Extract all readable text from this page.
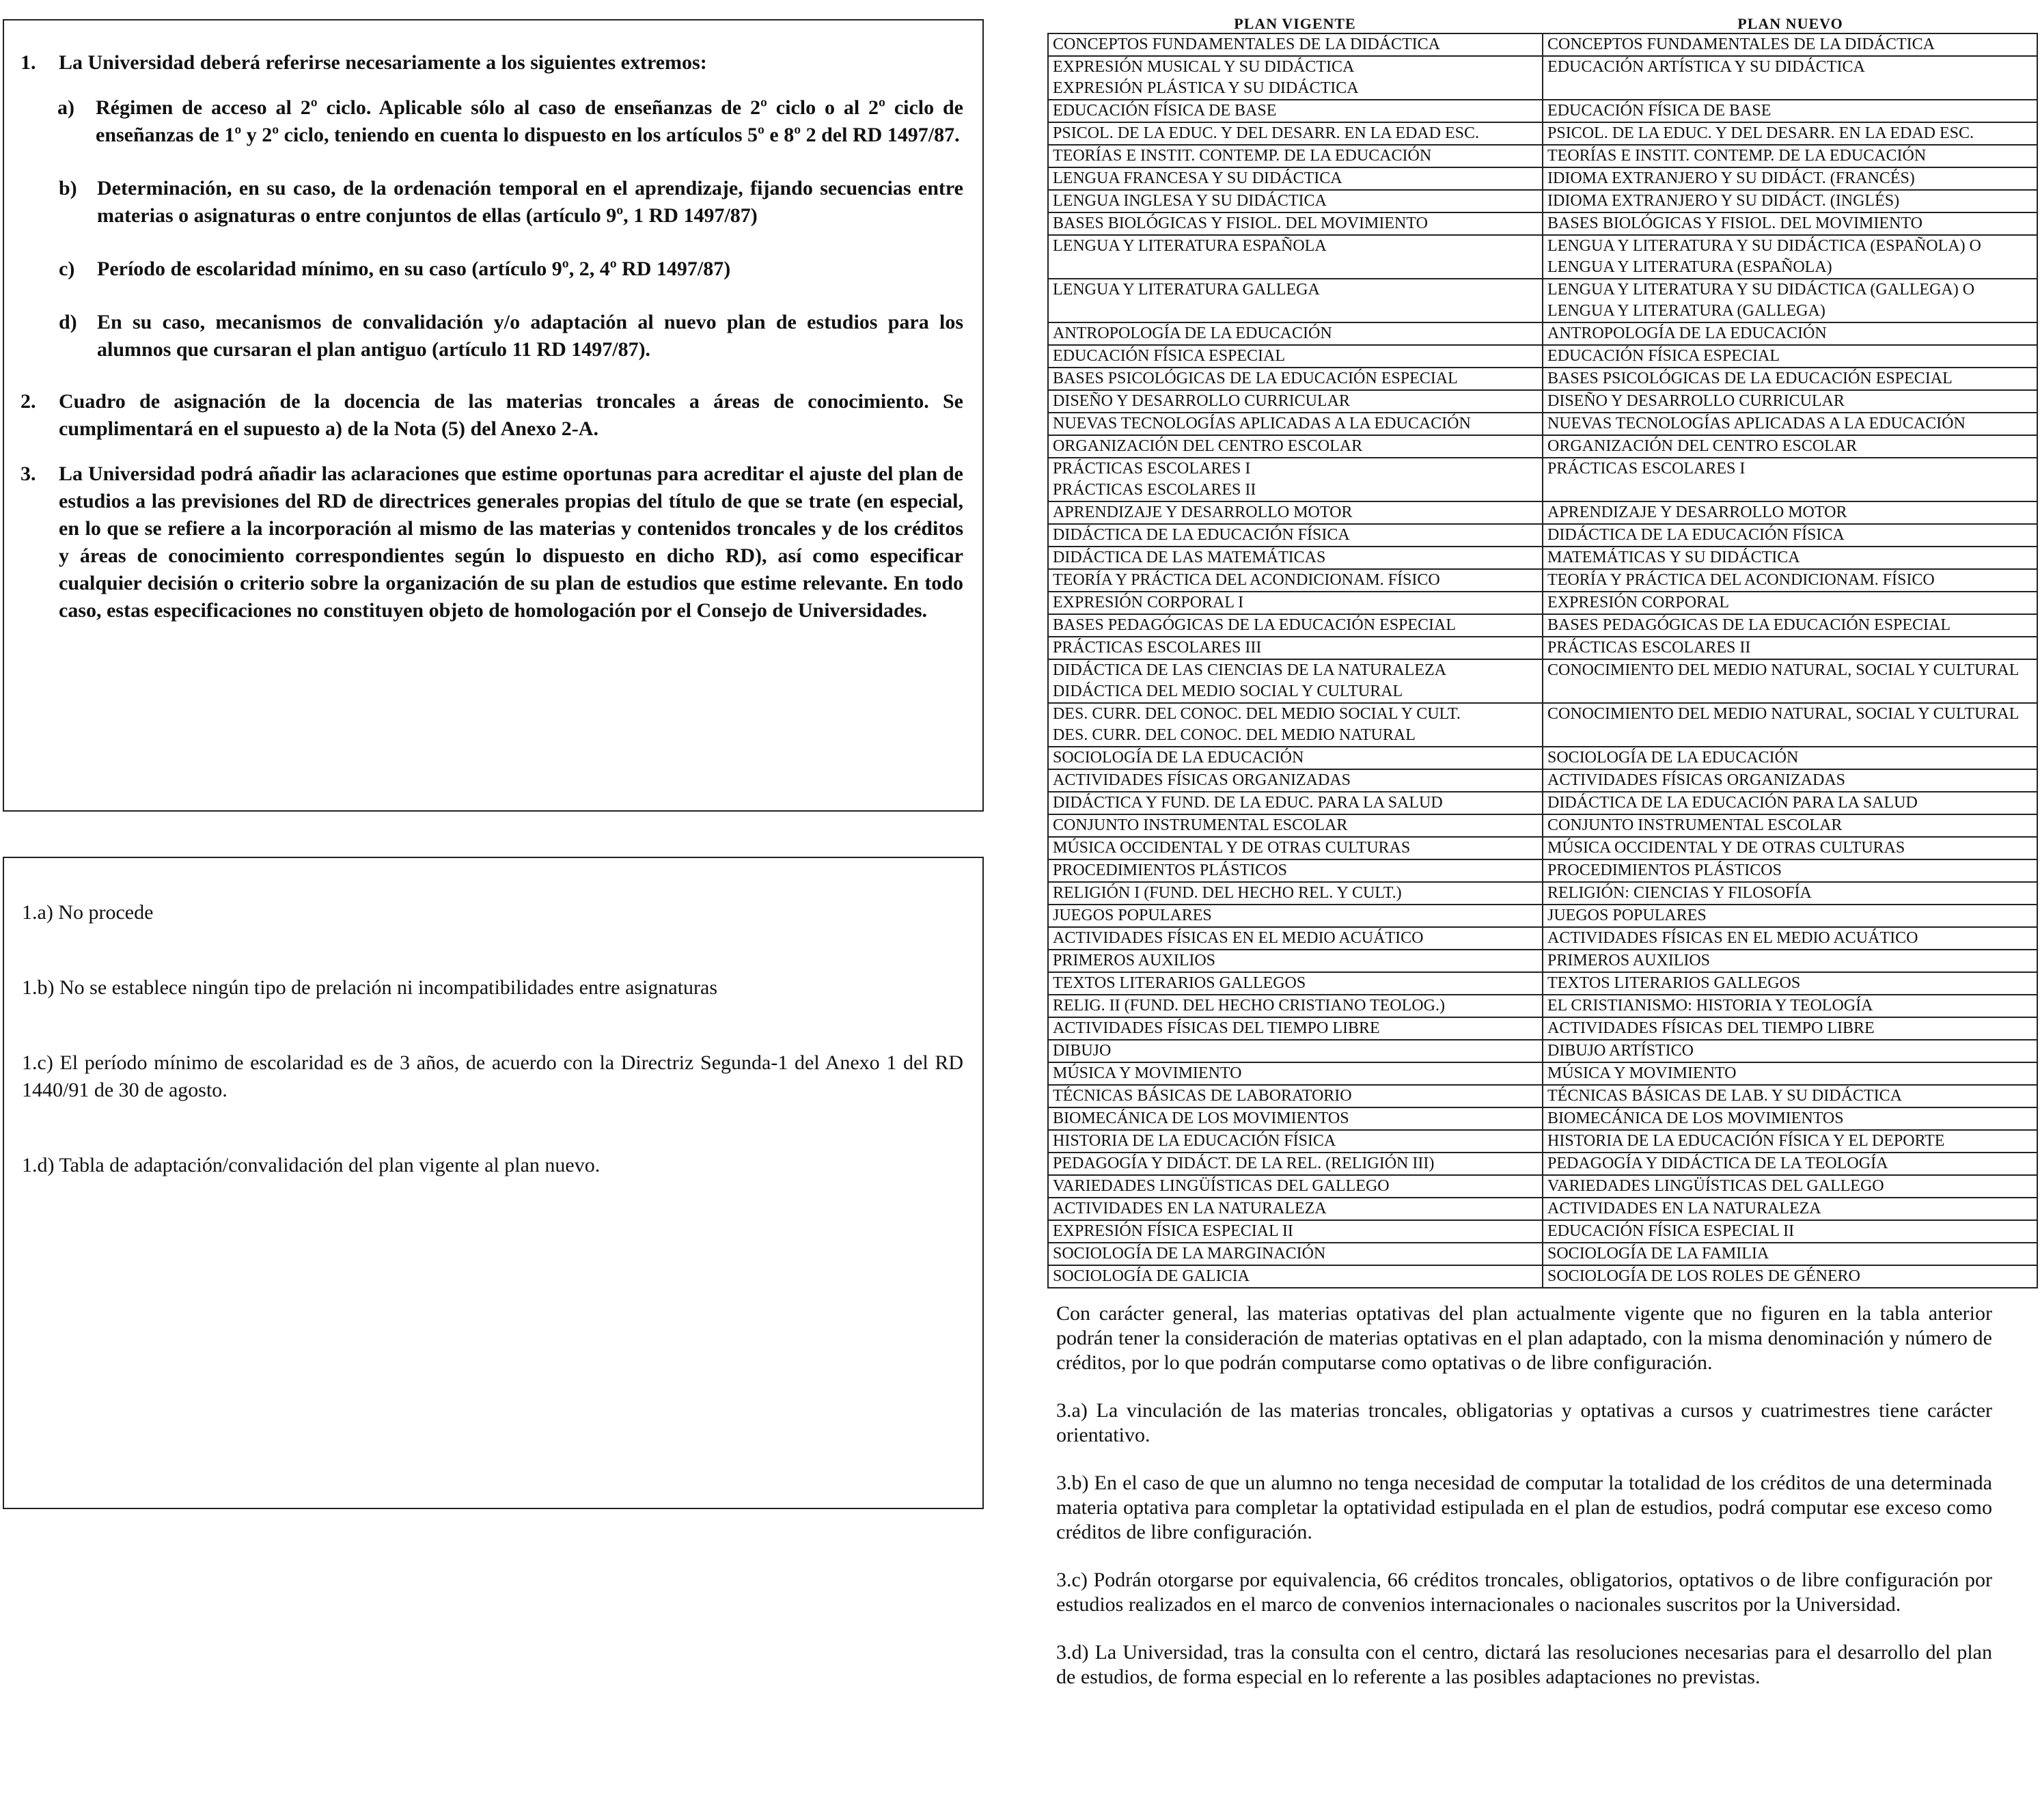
1.	La Universidad deberá referirse necesariamente a los siguientes extremos:
a)	Régimen de acceso al 2º ciclo. Aplicable sólo al caso de enseñanzas de 2º ciclo o al 2º ciclo de enseñanzas de 1º y 2º ciclo, teniendo en cuenta lo dispuesto en los artículos 5º e 8º 2 del RD 1497/87.
b) Determinación, en su caso, de la ordenación temporal en el aprendizaje, fijando secuencias entre materias o asignaturas o entre conjuntos de ellas (artículo 9º, 1 RD 1497/87)
c)	Período de escolaridad mínimo, en su caso (artículo 9º, 2, 4º RD 1497/87)
d) En su caso, mecanismos de convalidación y/o adaptación al nuevo plan de estudios para los alumnos que cursaran el plan antiguo (artículo 11 RD 1497/87).
2.	Cuadro de asignación de la docencia de las materias troncales a áreas de conocimiento. Se cumplimentará en el supuesto a) de la Nota (5) del Anexo 2-A.
3.	La Universidad podrá añadir las aclaraciones que estime oportunas para acreditar el ajuste del plan de estudios a las previsiones del RD de directrices generales propias del título de que se trate (en especial, en lo que se refiere a la incorporación al mismo de las materias y contenidos troncales y de los créditos y áreas de conocimiento correspondientes según lo dispuesto en dicho RD), así como especificar cualquier decisión o criterio sobre la organización de su plan de estudios que estime relevante. En todo caso, estas especificaciones no constituyen objeto de homologación por el Consejo de Universidades.

1.a) No procede

1.b) No se establece ningún tipo de prelación ni incompatibilidades entre asignaturas

1.c) El período mínimo de escolaridad es de 3 años, de acuerdo con la Directriz Segunda-1 del Anexo 1 del RD 1440/91 de 30 de agosto.

1.d) Tabla de adaptación/convalidación del plan vigente al plan nuevo.

PLAN VIGENTE	PLAN NUEVO
CONCEPTOS FUNDAMENTALES DE LA DIDÁCTICA	CONCEPTOS FUNDAMENTALES DE LA DIDÁCTICA
EXPRESIÓN MUSICAL Y SU DIDÁCTICA
EXPRESIÓN PLÁSTICA Y SU DIDÁCTICA	EDUCACIÓN ARTÍSTICA Y SU DIDÁCTICA
EDUCACIÓN FÍSICA DE BASE	EDUCACIÓN FÍSICA DE BASE
PSICOL. DE LA EDUC. Y DEL DESARR. EN LA EDAD ESC.	PSICOL. DE LA EDUC. Y DEL DESARR. EN LA EDAD ESC.
TEORÍAS E INSTIT. CONTEMP. DE LA EDUCACIÓN	TEORÍAS E INSTIT. CONTEMP. DE LA EDUCACIÓN
LENGUA FRANCESA Y SU DIDÁCTICA	IDIOMA EXTRANJERO Y SU DIDÁCT. (FRANCÉS)
LENGUA INGLESA Y SU DIDÁCTICA	IDIOMA EXTRANJERO Y SU DIDÁCT. (INGLÉS)
BASES BIOLÓGICAS Y FISIOL. DEL MOVIMIENTO	BASES BIOLÓGICAS Y FISIOL. DEL MOVIMIENTO
LENGUA Y LITERATURA ESPAÑOLA	LENGUA Y LITERATURA Y SU DIDÁCTICA (ESPAÑOLA) O LENGUA Y LITERATURA (ESPAÑOLA)
LENGUA Y LITERATURA GALLEGA	LENGUA Y LITERATURA Y SU DIDÁCTICA (GALLEGA) O LENGUA Y LITERATURA (GALLEGA)
ANTROPOLOGÍA DE LA EDUCACIÓN	ANTROPOLOGÍA DE LA EDUCACIÓN
EDUCACIÓN FÍSICA ESPECIAL	EDUCACIÓN FÍSICA ESPECIAL
BASES PSICOLÓGICAS DE LA EDUCACIÓN ESPECIAL	BASES PSICOLÓGICAS DE LA EDUCACIÓN ESPECIAL
DISEÑO Y DESARROLLO CURRICULAR	DISEÑO Y DESARROLLO CURRICULAR
NUEVAS TECNOLOGÍAS APLICADAS A LA EDUCACIÓN	NUEVAS TECNOLOGÍAS APLICADAS A LA EDUCACIÓN
ORGANIZACIÓN DEL CENTRO ESCOLAR	ORGANIZACIÓN DEL CENTRO ESCOLAR
PRÁCTICAS ESCOLARES I
PRÁCTICAS ESCOLARES II	PRÁCTICAS ESCOLARES I
APRENDIZAJE Y DESARROLLO MOTOR	APRENDIZAJE Y DESARROLLO MOTOR
DIDÁCTICA DE LA EDUCACIÓN FÍSICA	DIDÁCTICA DE LA EDUCACIÓN FÍSICA
DIDÁCTICA DE LAS MATEMÁTICAS	MATEMÁTICAS Y SU DIDÁCTICA
TEORÍA Y PRÁCTICA DEL ACONDICIONAM. FÍSICO	TEORÍA Y PRÁCTICA DEL ACONDICIONAM. FÍSICO
EXPRESIÓN CORPORAL I	EXPRESIÓN CORPORAL
BASES PEDAGÓGICAS DE LA EDUCACIÓN ESPECIAL	BASES PEDAGÓGICAS DE LA EDUCACIÓN ESPECIAL
PRÁCTICAS ESCOLARES III	PRÁCTICAS ESCOLARES II
DIDÁCTICA DE LAS CIENCIAS DE LA NATURALEZA
DIDÁCTICA DEL MEDIO SOCIAL Y CULTURAL	CONOCIMIENTO DEL MEDIO NATURAL, SOCIAL Y CULTURAL
DES. CURR. DEL CONOC. DEL MEDIO SOCIAL Y CULT.
DES. CURR. DEL CONOC. DEL MEDIO NATURAL	CONOCIMIENTO DEL MEDIO NATURAL, SOCIAL Y CULTURAL
SOCIOLOGÍA DE LA EDUCACIÓN	SOCIOLOGÍA DE LA EDUCACIÓN
ACTIVIDADES FÍSICAS ORGANIZADAS	ACTIVIDADES FÍSICAS ORGANIZADAS
DIDÁCTICA Y FUND. DE LA EDUC. PARA LA SALUD	DIDÁCTICA DE LA EDUCACIÓN PARA LA SALUD
CONJUNTO INSTRUMENTAL ESCOLAR	CONJUNTO INSTRUMENTAL ESCOLAR
MÚSICA OCCIDENTAL Y DE OTRAS CULTURAS	MÚSICA OCCIDENTAL Y DE OTRAS CULTURAS
PROCEDIMIENTOS PLÁSTICOS	PROCEDIMIENTOS PLÁSTICOS
RELIGIÓN I (FUND. DEL HECHO REL. Y CULT.)	RELIGIÓN: CIENCIAS Y FILOSOFÍA
JUEGOS POPULARES	JUEGOS POPULARES
ACTIVIDADES FÍSICAS EN EL MEDIO ACUÁTICO	ACTIVIDADES FÍSICAS EN EL MEDIO ACUÁTICO
PRIMEROS AUXILIOS	PRIMEROS AUXILIOS
TEXTOS LITERARIOS GALLEGOS	TEXTOS LITERARIOS GALLEGOS
RELIG. II (FUND. DEL HECHO CRISTIANO TEOLOG.)	EL CRISTIANISMO: HISTORIA Y TEOLOGÍA
ACTIVIDADES FÍSICAS DEL TIEMPO LIBRE	ACTIVIDADES FÍSICAS DEL TIEMPO LIBRE
DIBUJO	DIBUJO ARTÍSTICO
MÚSICA Y MOVIMIENTO	MÚSICA Y MOVIMIENTO
TÉCNICAS BÁSICAS DE LABORATORIO	TÉCNICAS BÁSICAS DE LAB. Y SU DIDÁCTICA
BIOMECÁNICA DE LOS MOVIMIENTOS	BIOMECÁNICA DE LOS MOVIMIENTOS
HISTORIA DE LA EDUCACIÓN FÍSICA	HISTORIA DE LA EDUCACIÓN FÍSICA Y EL DEPORTE
PEDAGOGÍA Y DIDÁCT. DE LA REL. (RELIGIÓN III)	PEDAGOGÍA Y DIDÁCTICA DE LA TEOLOGÍA
VARIEDADES LINGÜÍSTICAS DEL GALLEGO	VARIEDADES LINGÜÍSTICAS DEL GALLEGO
ACTIVIDADES EN LA NATURALEZA	ACTIVIDADES EN LA NATURALEZA
EXPRESIÓN FÍSICA ESPECIAL II	EDUCACIÓN FÍSICA ESPECIAL II
SOCIOLOGÍA DE LA MARGINACIÓN	SOCIOLOGÍA DE LA FAMILIA
SOCIOLOGÍA DE GALICIA	SOCIOLOGÍA DE LOS ROLES DE GÉNERO

Con carácter general, las materias optativas del plan actualmente vigente que no figuren en la tabla anterior podrán tener la consideración de materias optativas en el plan adaptado, con la misma denominación y número de créditos, por lo que podrán computarse como optativas o de libre configuración.

3.a) La vinculación de las materias troncales, obligatorias y optativas a cursos y cuatrimestres tiene carácter orientativo.

3.b) En el caso de que un alumno no tenga necesidad de computar la totalidad de los créditos de una determinada materia optativa para completar la optatividad estipulada en el plan de estudios, podrá computar ese exceso como créditos de libre configuración.

3.c) Podrán otorgarse por equivalencia, 66 créditos troncales, obligatorios, optativos o de libre configuración por estudios realizados en el marco de convenios internacionales o nacionales suscritos por la Universidad.

3.d) La Universidad, tras la consulta con el centro, dictará las resoluciones necesarias para el desarrollo del plan de estudios, de forma especial en lo referente a las posibles adaptaciones no previstas.
